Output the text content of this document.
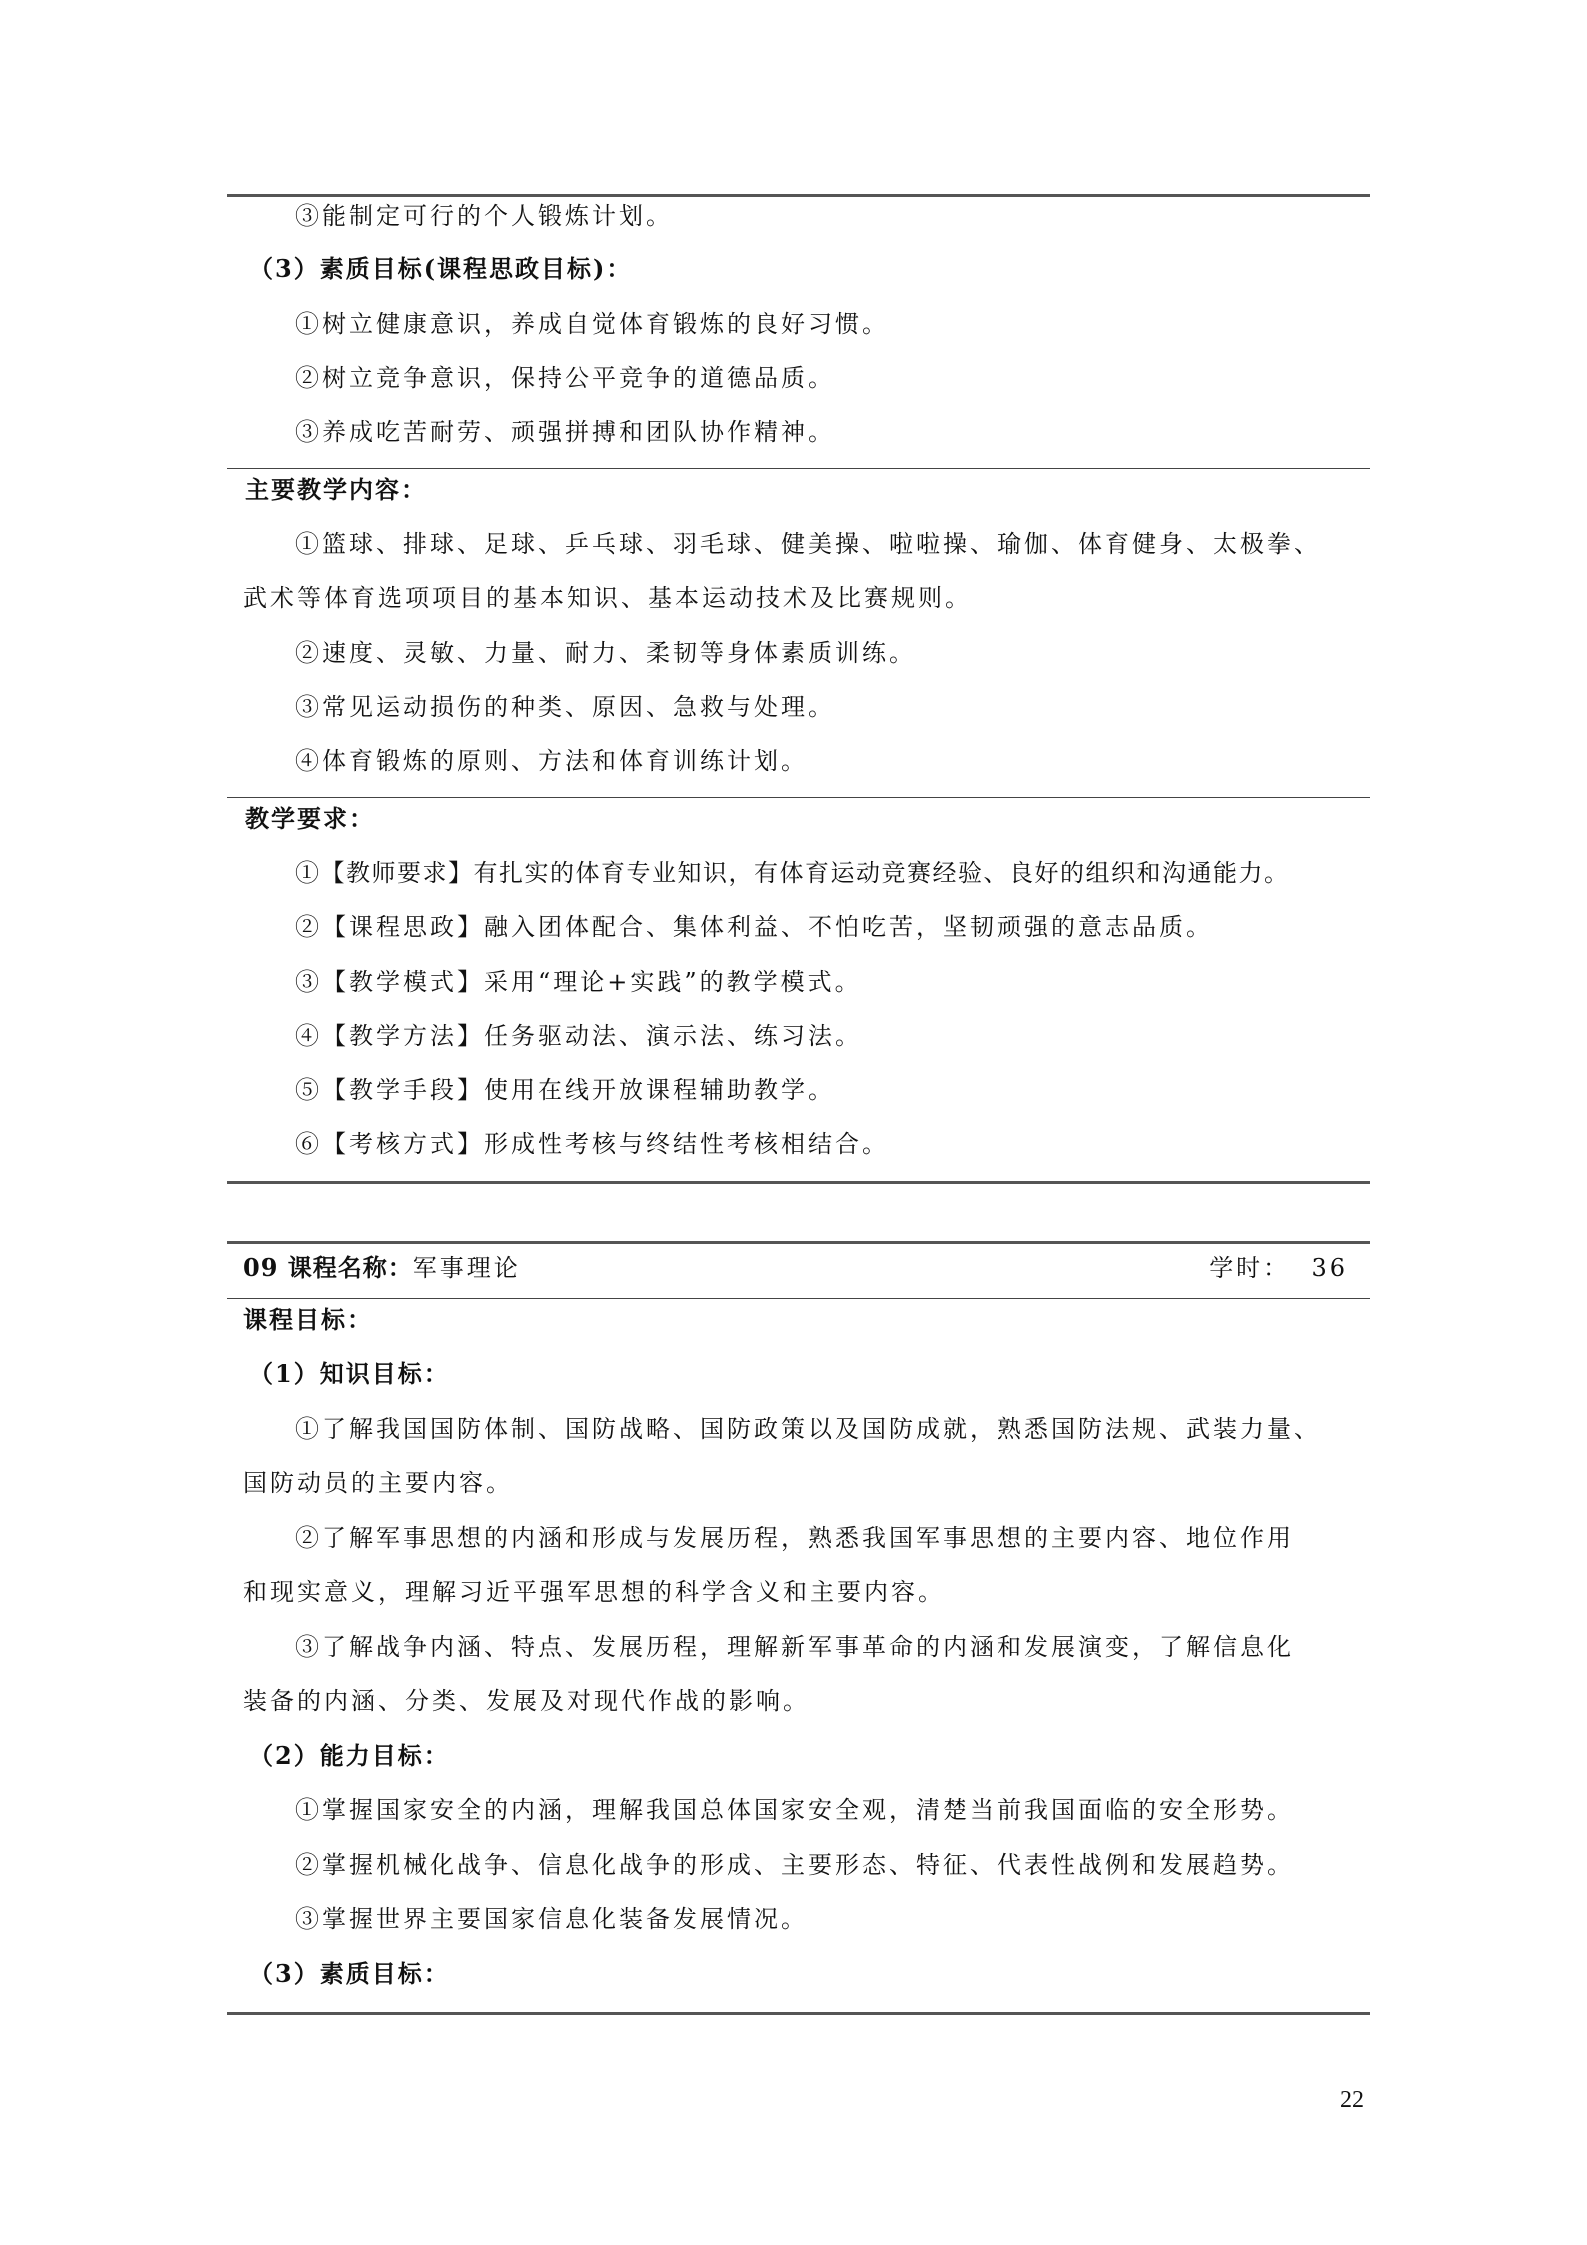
③能制定可行的个人锻炼计划。
（3）素质目标(课程思政目标)：
①树立健康意识，养成自觉体育锻炼的良好习惯。
②树立竞争意识，保持公平竞争的道德品质。
③养成吃苦耐劳、顽强拼搏和团队协作精神。
主要教学内容：
①篮球、排球、足球、乒乓球、羽毛球、健美操、啦啦操、瑜伽、体育健身、太极拳、
武术等体育选项项目的基本知识、基本运动技术及比赛规则。
②速度、灵敏、力量、耐力、柔韧等身体素质训练。
③常见运动损伤的种类、原因、急救与处理。
④体育锻炼的原则、方法和体育训练计划。
教学要求：
①【教师要求】有扎实的体育专业知识，有体育运动竞赛经验、良好的组织和沟通能力。
②【课程思政】融入团体配合、集体利益、不怕吃苦，坚韧顽强的意志品质。
③【教学模式】采用“理论+实践”的教学模式。
④【教学方法】任务驱动法、演示法、练习法。
⑤【教学手段】使用在线开放课程辅助教学。
⑥【考核方式】形成性考核与终结性考核相结合。
09 课程名称：军事理论	学时： 36
课程目标：
（1）知识目标：
①了解我国国防体制、国防战略、国防政策以及国防成就，熟悉国防法规、武装力量、
国防动员的主要内容。
②了解军事思想的内涵和形成与发展历程，熟悉我国军事思想的主要内容、地位作用
和现实意义，理解习近平强军思想的科学含义和主要内容。
③了解战争内涵、特点、发展历程，理解新军事革命的内涵和发展演变，了解信息化
装备的内涵、分类、发展及对现代作战的影响。
（2）能力目标：
①掌握国家安全的内涵，理解我国总体国家安全观，清楚当前我国面临的安全形势。
②掌握机械化战争、信息化战争的形成、主要形态、特征、代表性战例和发展趋势。
③掌握世界主要国家信息化装备发展情况。
（3）素质目标：
22
